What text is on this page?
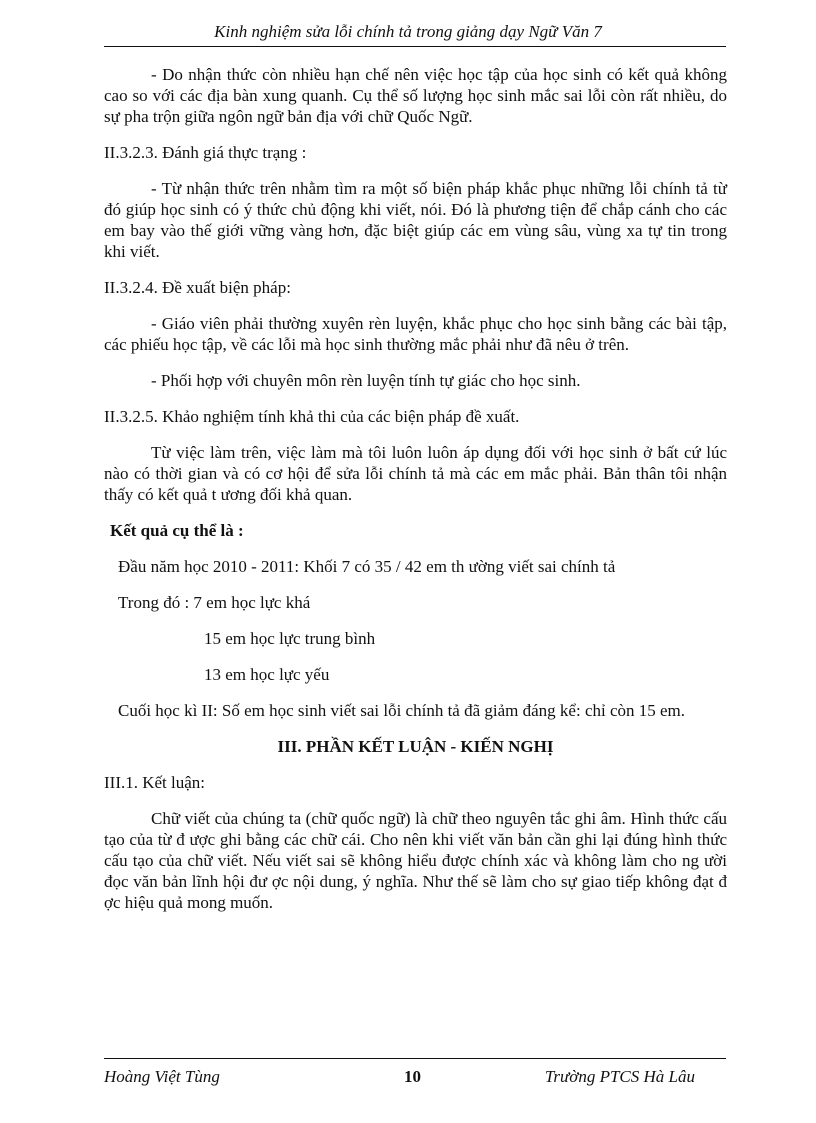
Kinh nghiệm sửa lỗi chính tả trong giảng dạy Ngữ Văn 7

- Do nhận thức còn nhiều hạn chế nên việc học tập của học sinh có kết quả không cao so với các địa bàn xung quanh. Cụ thể số lượng học sinh mắc sai lỗi còn rất nhiều, do sự pha trộn giữa ngôn ngữ bản địa với chữ Quốc Ngữ.

II.3.2.3. Đánh giá thực trạng :

- Từ nhận thức trên nhằm tìm ra một số biện pháp khắc phục những lỗi chính tả từ đó giúp học sinh có ý thức chủ động khi viết, nói. Đó là phương tiện để chắp cánh cho các em bay vào thế giới vững vàng hơn, đặc biệt giúp các em vùng sâu, vùng xa tự tin trong khi viết.

II.3.2.4. Đề xuất biện pháp:

- Giáo viên phải thường xuyên rèn luyện, khắc phục cho học sinh bằng các bài tập, các phiếu học tập, về các lỗi mà học sinh thường mắc phải như đã nêu ở trên.

- Phối hợp với chuyên môn rèn luyện tính tự giác cho học sinh.

II.3.2.5. Khảo nghiệm tính khả thi của các biện pháp đề xuất.

Từ việc làm trên, việc làm mà tôi luôn luôn áp dụng đối với học sinh ở bất cứ lúc nào có thời gian và có cơ hội để sửa lỗi chính tả mà các em mắc phải. Bản thân tôi nhận thấy có kết quả t ương đối khả quan.

Kết quả cụ thể là :

Đầu năm học 2010 - 2011: Khối 7 có 35 / 42 em th ường viết sai chính tả

Trong đó : 7 em học lực khá

15 em học lực trung bình

13 em học lực yếu

Cuối học kì II: Số em học sinh viết sai lỗi chính tả đã giảm đáng kể: chỉ còn 15 em.

III. PHẦN KẾT LUẬN - KIẾN NGHỊ

III.1. Kết luận:

Chữ viết của chúng ta (chữ quốc ngữ) là chữ theo nguyên tắc ghi âm. Hình thức cấu tạo của từ đ ược ghi bằng các chữ cái. Cho nên khi viết văn bản cần ghi lại đúng hình thức cấu tạo của chữ viết. Nếu viết sai sẽ không hiểu được chính xác và không làm cho ng ười đọc văn bản lĩnh hội đư ợc nội dung, ý nghĩa. Như thế sẽ làm cho sự giao tiếp không đạt đ ợc hiệu quả mong muốn.

Hoàng Việt Tùng	10	Trường PTCS Hà Lâu
